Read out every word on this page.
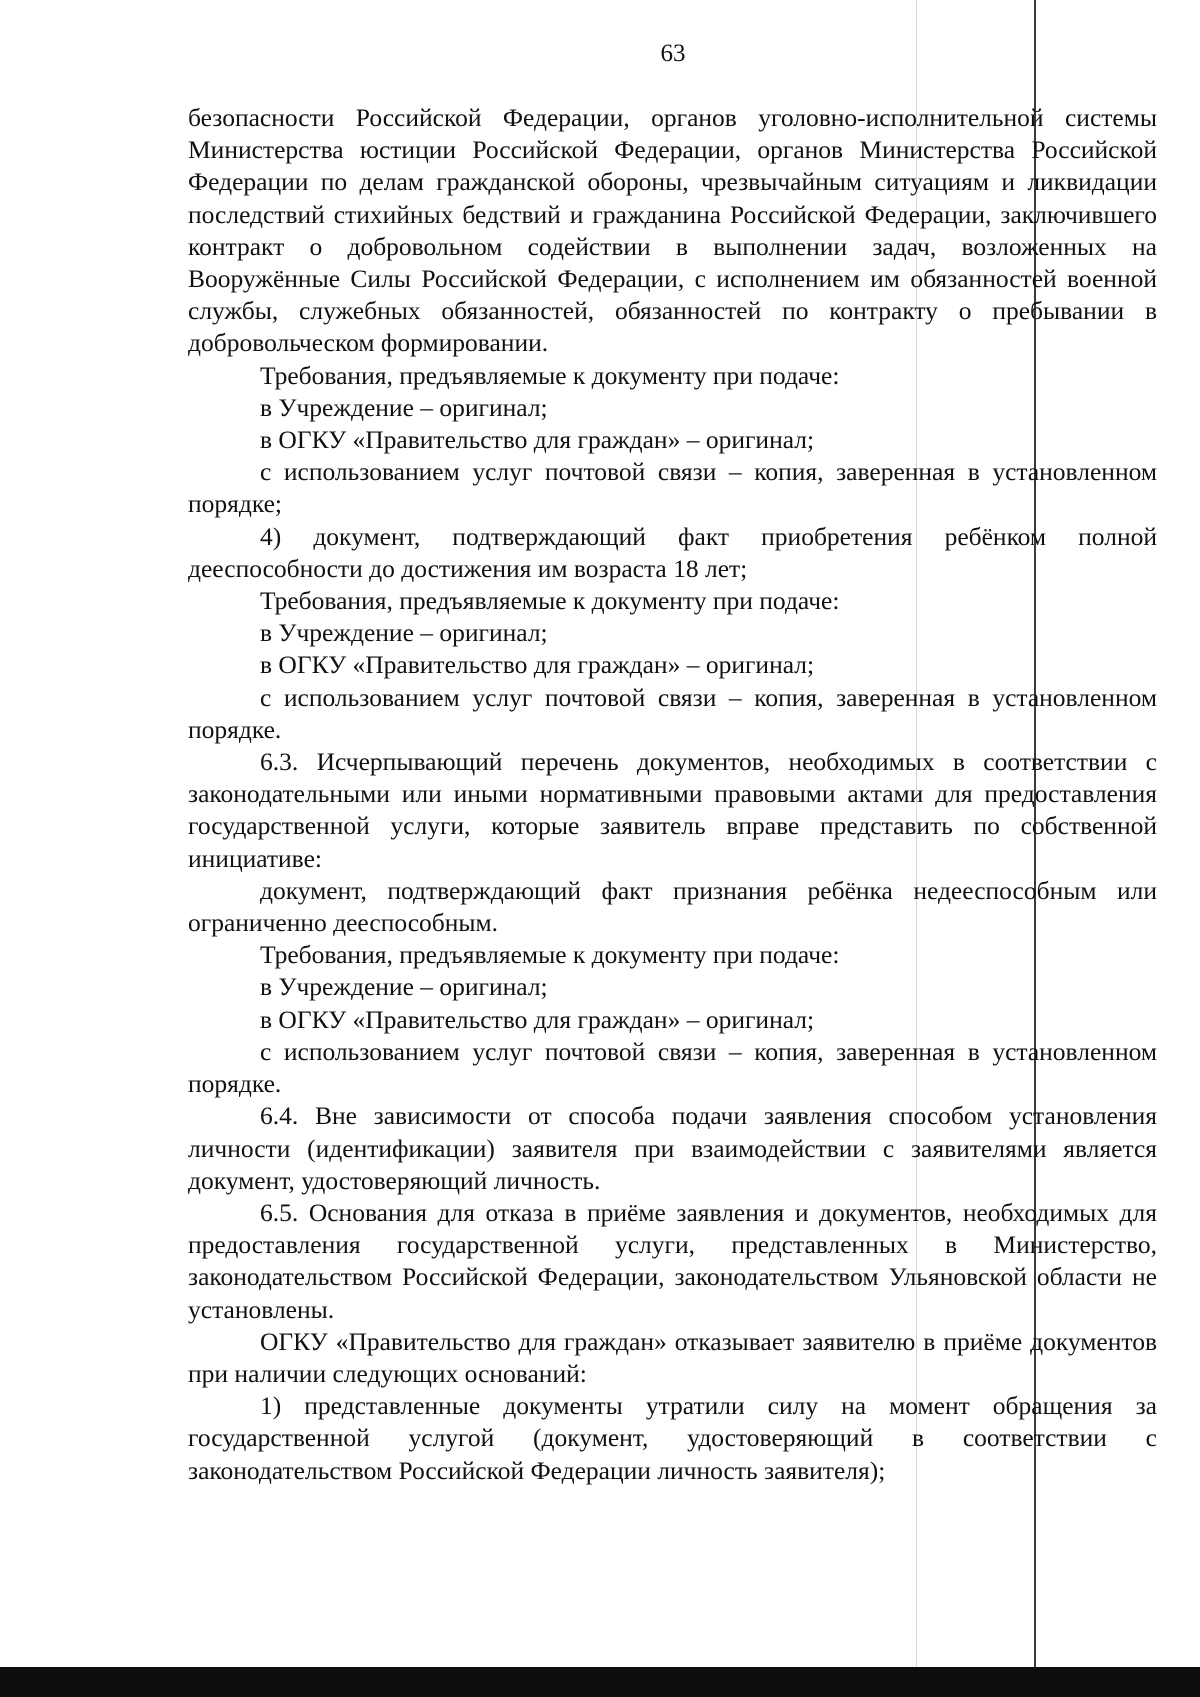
63

безопасности Российской Федерации, органов уголовно-исполнительной системы Министерства юстиции Российской Федерации, органов Министерства Российской Федерации по делам гражданской обороны, чрезвычайным ситуациям и ликвидации последствий стихийных бедствий и гражданина Российской Федерации, заключившего контракт о добровольном содействии в выполнении задач, возложенных на Вооружённые Силы Российской Федерации, с исполнением им обязанностей военной службы, служебных обязанностей, обязанностей по контракту о пребывании в добровольческом формировании.

Требования, предъявляемые к документу при подаче:

в Учреждение – оригинал;

в ОГКУ «Правительство для граждан» – оригинал;

с использованием услуг почтовой связи – копия, заверенная в установленном порядке;

4) документ, подтверждающий факт приобретения ребёнком полной дееспособности до достижения им возраста 18 лет;

Требования, предъявляемые к документу при подаче:

в Учреждение – оригинал;

в ОГКУ «Правительство для граждан» – оригинал;

с использованием услуг почтовой связи – копия, заверенная в установленном порядке.

6.3. Исчерпывающий перечень документов, необходимых в соответствии с законодательными или иными нормативными правовыми актами для предоставления государственной услуги, которые заявитель вправе представить по собственной инициативе:

документ, подтверждающий факт признания ребёнка недееспособным или ограниченно дееспособным.

Требования, предъявляемые к документу при подаче:

в Учреждение – оригинал;

в ОГКУ «Правительство для граждан» – оригинал;

с использованием услуг почтовой связи – копия, заверенная в установленном порядке.

6.4. Вне зависимости от способа подачи заявления способом установления личности (идентификации) заявителя при взаимодействии с заявителями является документ, удостоверяющий личность.

6.5. Основания для отказа в приёме заявления и документов, необходимых для предоставления государственной услуги, представленных в Министерство, законодательством Российской Федерации, законодательством Ульяновской области не установлены.

ОГКУ «Правительство для граждан» отказывает заявителю в приёме документов при наличии следующих оснований:

1) представленные документы утратили силу на момент обращения за государственной услугой (документ, удостоверяющий в соответствии с законодательством Российской Федерации личность заявителя);
